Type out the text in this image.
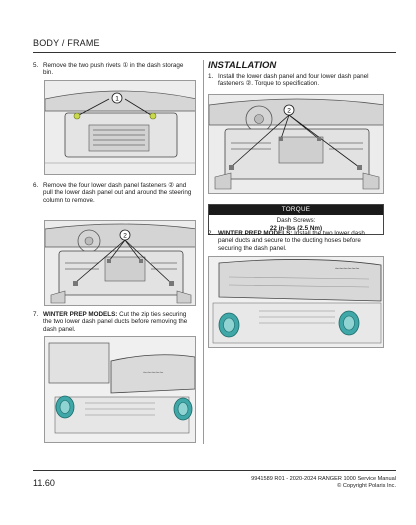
BODY / FRAME
5. Remove the two push rivets ① in the dash storage bin.
1
6. Remove the four lower dash panel fasteners ② and pull the lower dash panel out and around the steering column to remove.
2
7. WINTER PREP MODELS: Cut the zip ties securing the two lower dash panel ducts before removing the dash panel.
~~~~~
INSTALLATION
1. Install the lower dash panel and four lower dash panel fasteners ②. Torque to specification.
2
TORQUE
Dash Screws:
22 in-lbs (2.5 Nm)
2. WINTER PREP MODELS: Install the two lower dash panel ducts and secure to the ducting hoses before securing the dash panel.
~~~~~~
11.60	9941589 R01 - 2020-2024 RANGER 1000 Service Manual
© Copyright Polaris Inc.
